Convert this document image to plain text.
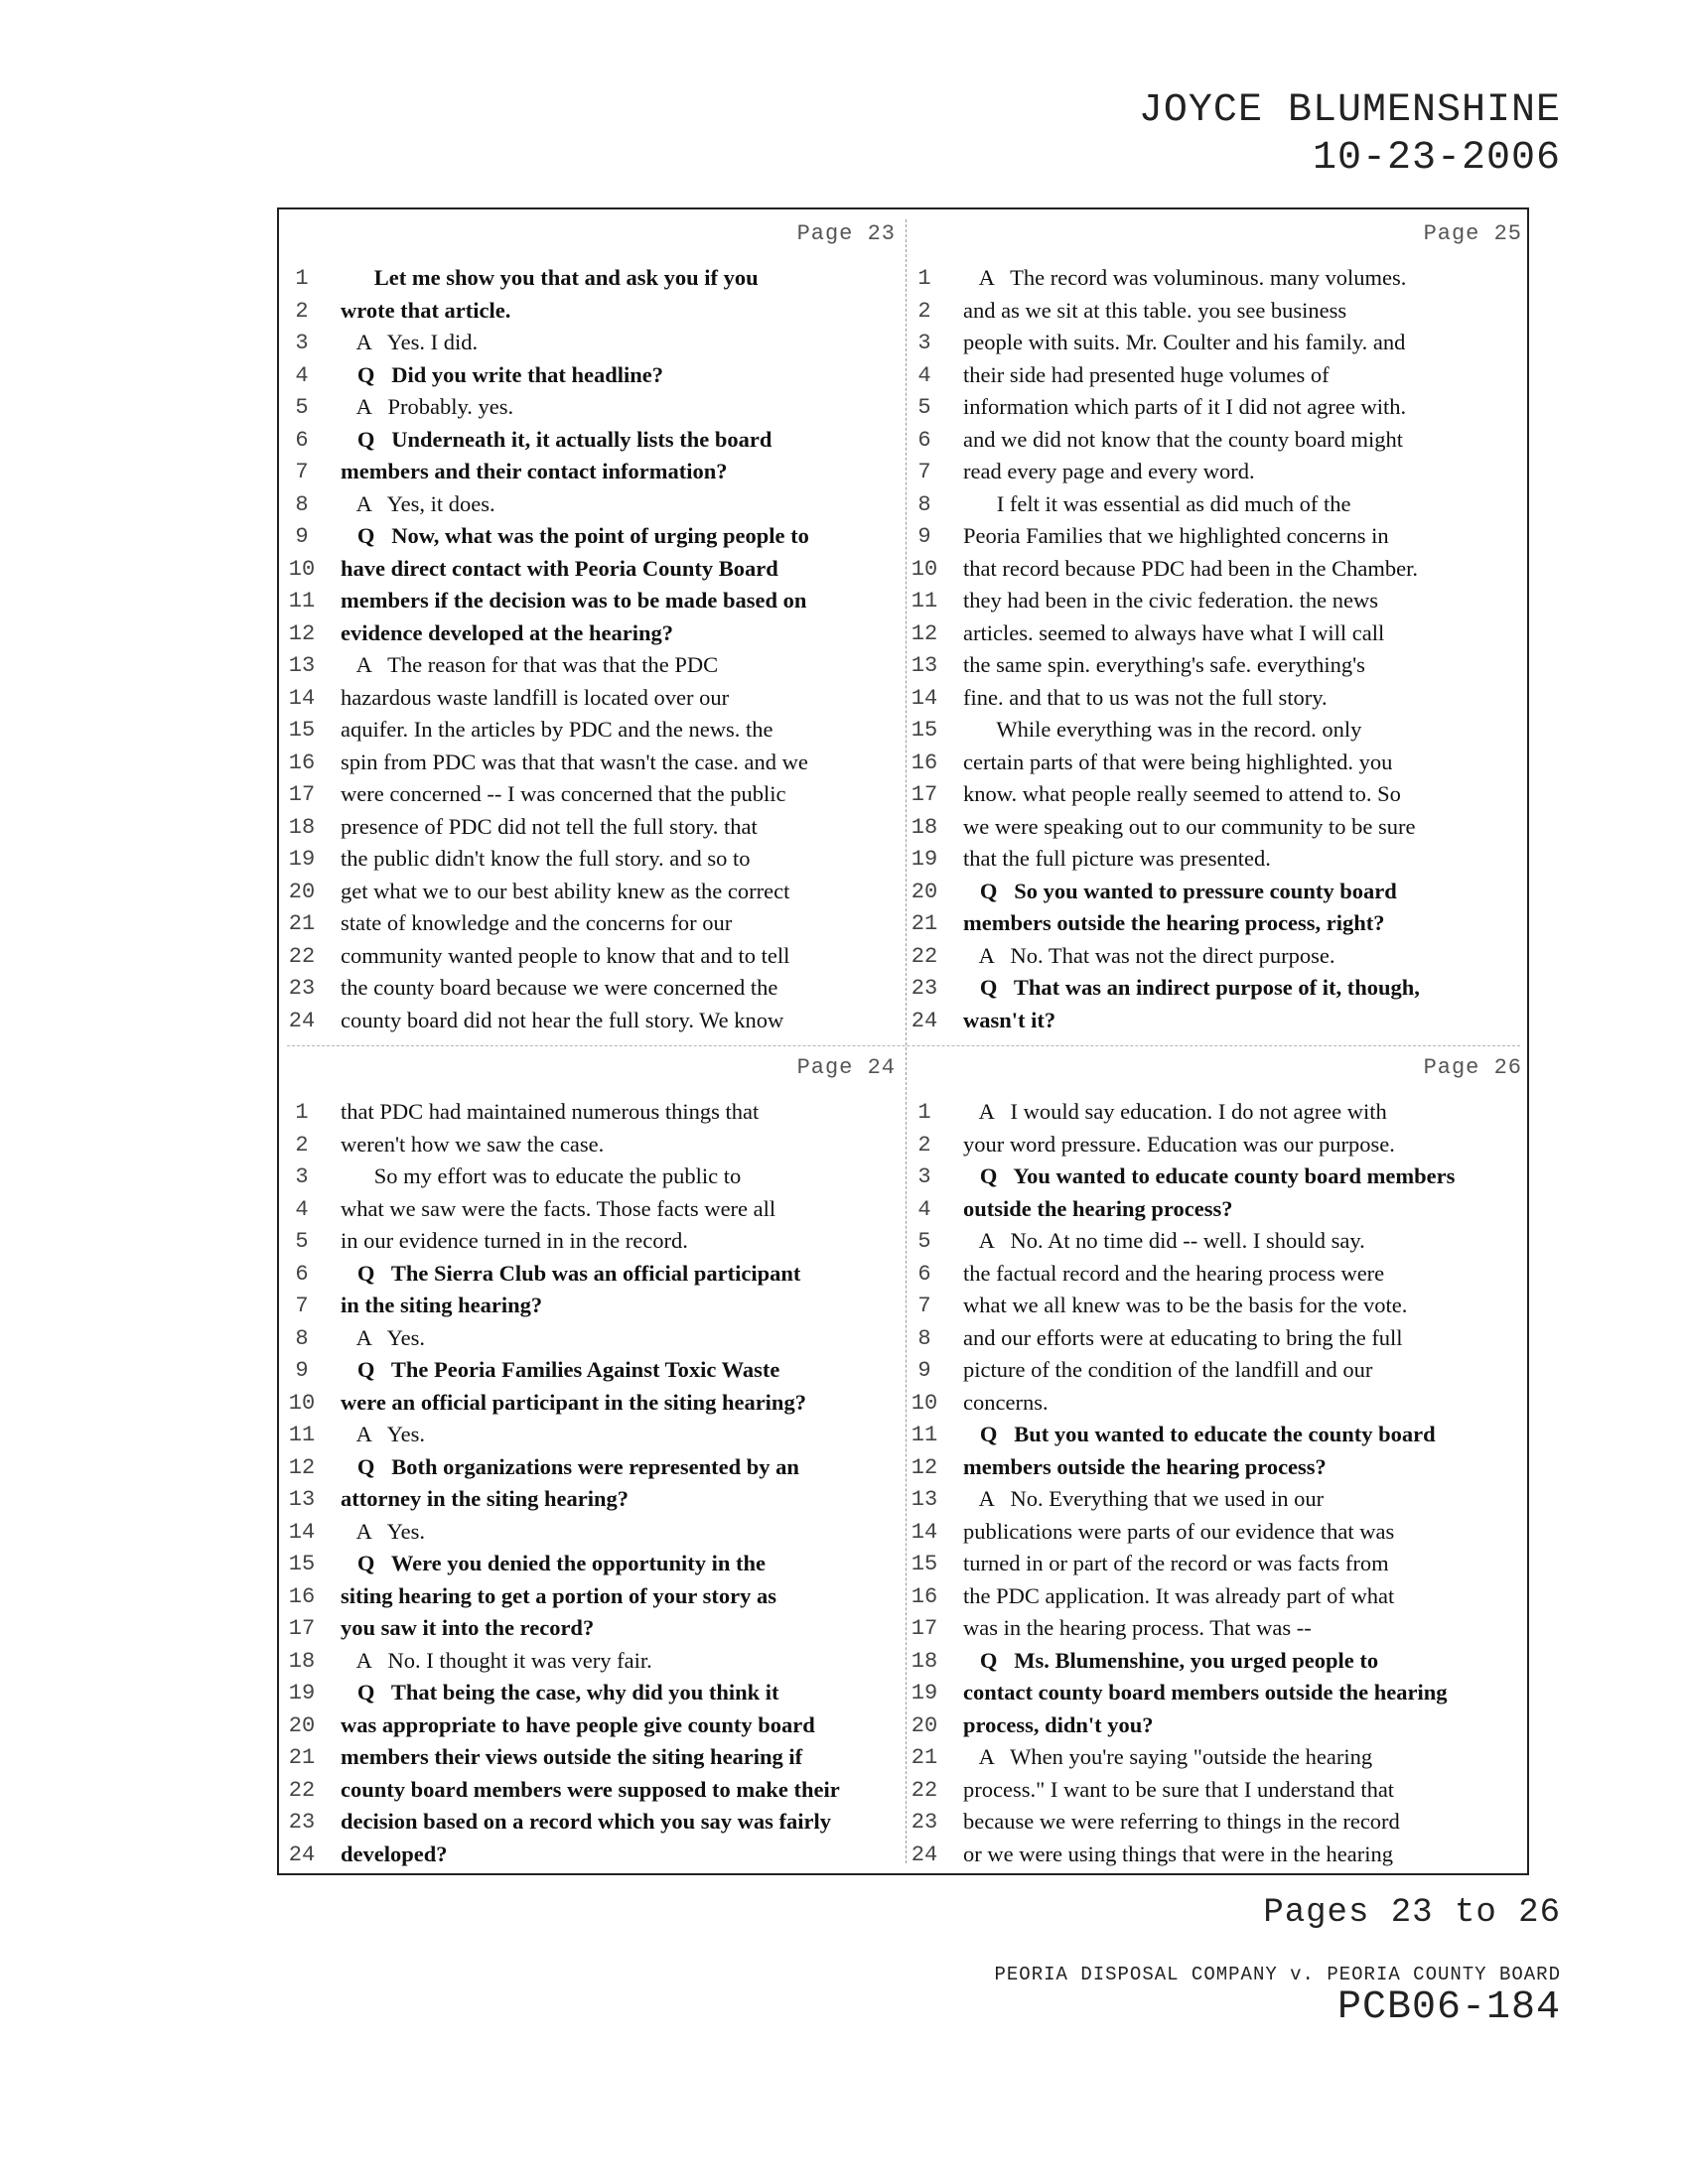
JOYCE BLUMENSHINE
10-23-2006
Page 23
1	Let me show you that and ask you if you
2	wrote that article.
3	A   Yes. I did.
4	Q   Did you write that headline?
5	A   Probably. yes.
6	Q   Underneath it, it actually lists the board
7	members and their contact information?
8	A   Yes, it does.
9	Q   Now, what was the point of urging people to
10 have direct contact with Peoria County Board
11 members if the decision was to be made based on
12 evidence developed at the hearing?
13 A   The reason for that was that the PDC
14 hazardous waste landfill is located over our
15 aquifer. In the articles by PDC and the news. the
16 spin from PDC was that that wasn't the case. and we
17 were concerned -- I was concerned that the public
18 presence of PDC did not tell the full story. that
19 the public didn't know the full story. and so to
20 get what we to our best ability knew as the correct
21 state of knowledge and the concerns for our
22 community wanted people to know that and to tell
23 the county board because we were concerned the
24 county board did not hear the full story. We know
Page 25
1	A   The record was voluminous. many volumes.
2	and as we sit at this table. you see business
3	people with suits. Mr. Coulter and his family. and
4	their side had presented huge volumes of
5	information which parts of it I did not agree with.
6	and we did not know that the county board might
7	read every page and every word.
8	I felt it was essential as did much of the
9	Peoria Families that we highlighted concerns in
10 that record because PDC had been in the Chamber.
11 they had been in the civic federation. the news
12 articles. seemed to always have what I will call
13 the same spin. everything's safe. everything's
14 fine. and that to us was not the full story.
15 While everything was in the record. only
16 certain parts of that were being highlighted. you
17 know. what people really seemed to attend to. So
18 we were speaking out to our community to be sure
19 that the full picture was presented.
20 Q   So you wanted to pressure county board
21 members outside the hearing process, right?
22 A   No. That was not the direct purpose.
23 Q   That was an indirect purpose of it, though,
24 wasn't it?
Page 24
1	that PDC had maintained numerous things that
2	weren't how we saw the case.
3	So my effort was to educate the public to
4	what we saw were the facts. Those facts were all
5	in our evidence turned in in the record.
6	Q   The Sierra Club was an official participant
7	in the siting hearing?
8	A   Yes.
9	Q   The Peoria Families Against Toxic Waste
10 were an official participant in the siting hearing?
11 A   Yes.
12 Q   Both organizations were represented by an
13 attorney in the siting hearing?
14 A   Yes.
15 Q   Were you denied the opportunity in the
16 siting hearing to get a portion of your story as
17 you saw it into the record?
18 A   No. I thought it was very fair.
19 Q   That being the case, why did you think it
20 was appropriate to have people give county board
21 members their views outside the siting hearing if
22 county board members were supposed to make their
23 decision based on a record which you say was fairly
24 developed?
Page 26
1	A   I would say education. I do not agree with
2	your word pressure. Education was our purpose.
3	Q   You wanted to educate county board members
4	outside the hearing process?
5	A   No. At no time did -- well. I should say.
6	the factual record and the hearing process were
7	what we all knew was to be the basis for the vote.
8	and our efforts were at educating to bring the full
9	picture of the condition of the landfill and our
10 concerns.
11 Q   But you wanted to educate the county board
12 members outside the hearing process?
13 A   No. Everything that we used in our
14 publications were parts of our evidence that was
15 turned in or part of the record or was facts from
16 the PDC application. It was already part of what
17 was in the hearing process. That was --
18 Q   Ms. Blumenshine, you urged people to
19 contact county board members outside the hearing
20 process, didn't you?
21 A   When you're saying "outside the hearing
22 process." I want to be sure that I understand that
23 because we were referring to things in the record
24 or we were using things that were in the hearing
Pages 23 to 26
PEORIA DISPOSAL COMPANY v. PEORIA COUNTY BOARD
PCB06-184
